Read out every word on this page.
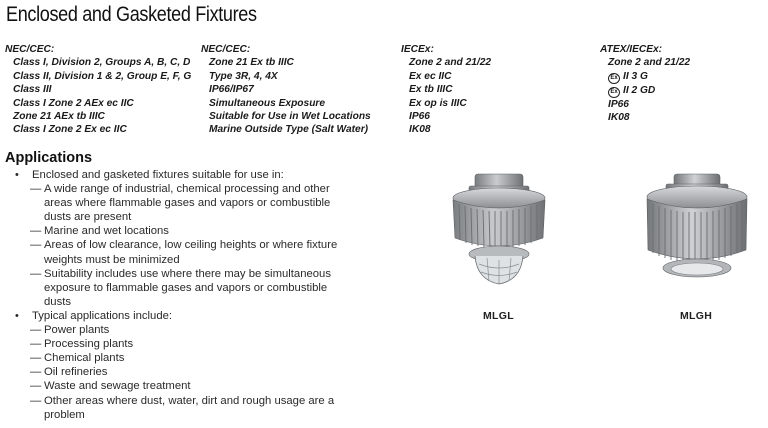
Enclosed and Gasketed Fixtures
NEC/CEC:
Class I, Division 2, Groups A, B, C, D
Class II, Division 1 & 2, Group E, F, G
Class III
Class I Zone 2 AEx ec IIC
Zone 21 AEx tb IIIC
Class I Zone 2 Ex ec IIC
NEC/CEC:
Zone 21 Ex tb IIIC
Type 3R, 4, 4X
IP66/IP67
Simultaneous Exposure
Suitable for Use in Wet Locations
Marine Outside Type (Salt Water)
IECEx:
Zone 2 and 21/22
Ex ec IIC
Ex tb IIIC
Ex op is IIIC
IP66
IK08
ATEX/IECEx:
Zone 2 and 21/22
Ex II 3 G
Ex II 2 GD
IP66
IK08
Applications
• Enclosed and gasketed fixtures suitable for use in:
— A wide range of industrial, chemical processing and other
areas where flammable gases and vapors or combustible
dusts are present
— Marine and wet locations
— Areas of low clearance, low ceiling heights or where fixture
weights must be minimized
— Suitability includes use where there may be simultaneous
exposure to flammable gases and vapors or combustible
dusts
• Typical applications include:
— Power plants
— Processing plants
— Chemical plants
— Oil refineries
— Waste and sewage treatment
— Other areas where dust, water, dirt and rough usage are a
problem
MLGL	MLGH
